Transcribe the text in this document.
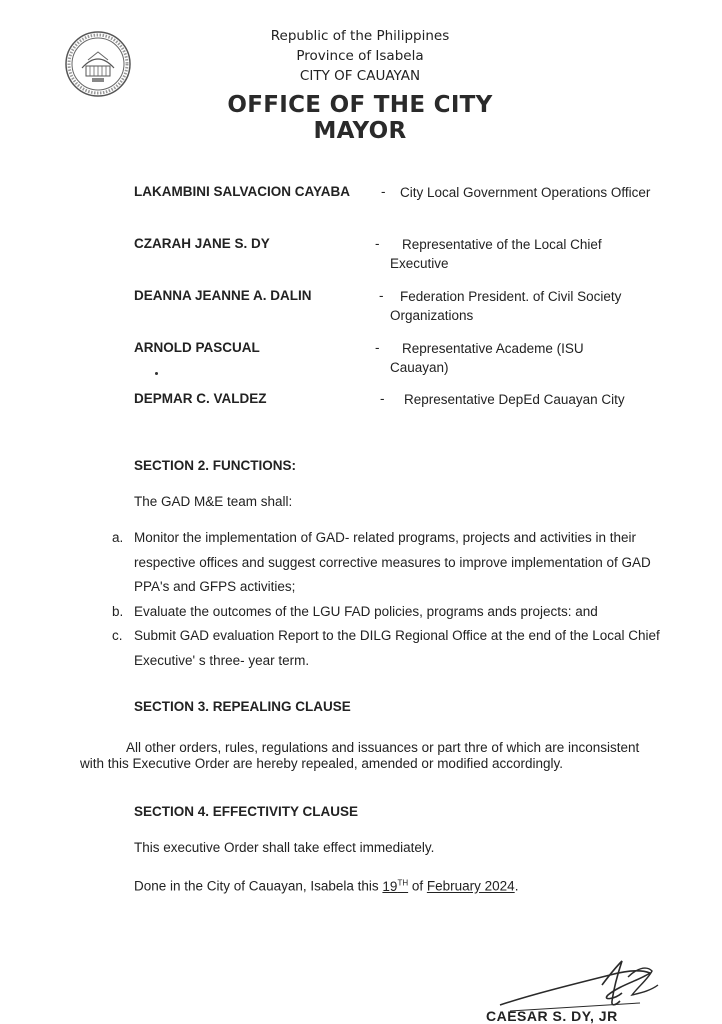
Republic of the Philippines
Province of Isabela
CITY OF CAUAYAN
OFFICE OF THE CITY MAYOR
LAKAMBINI SALVACION CAYABA -	City Local Government Operations Officer
CZARAH JANE S. DY	-	Representative of the Local Chief Executive
DEANNA JEANNE A. DALIN	-	Federation President. of Civil Society Organizations
ARNOLD PASCUAL	-	Representative Academe (ISU Cauayan)
DEPMAR C. VALDEZ	- Representative DepEd Cauayan City
SECTION 2. FUNCTIONS:
The GAD M&E team shall:
a. Monitor the implementation of GAD- related programs, projects and activities in their respective offices and suggest corrective measures to improve implementation of GAD PPA's and GFPS activities;
b. Evaluate the outcomes of the LGU FAD policies, programs ands projects: and
c. Submit GAD evaluation Report to the DILG Regional Office at the end of the Local Chief Executive' s three- year term.
SECTION 3. REPEALING CLAUSE
All other orders, rules, regulations and issuances or part thre of which are inconsistent with this Executive Order are hereby repealed, amended or modified accordingly.
SECTION 4. EFFECTIVITY CLAUSE
This executive Order shall take effect immediately.
Done in the City of Cauayan, Isabela this 19TH of February 2024.
CAESAR S. DY, JR
